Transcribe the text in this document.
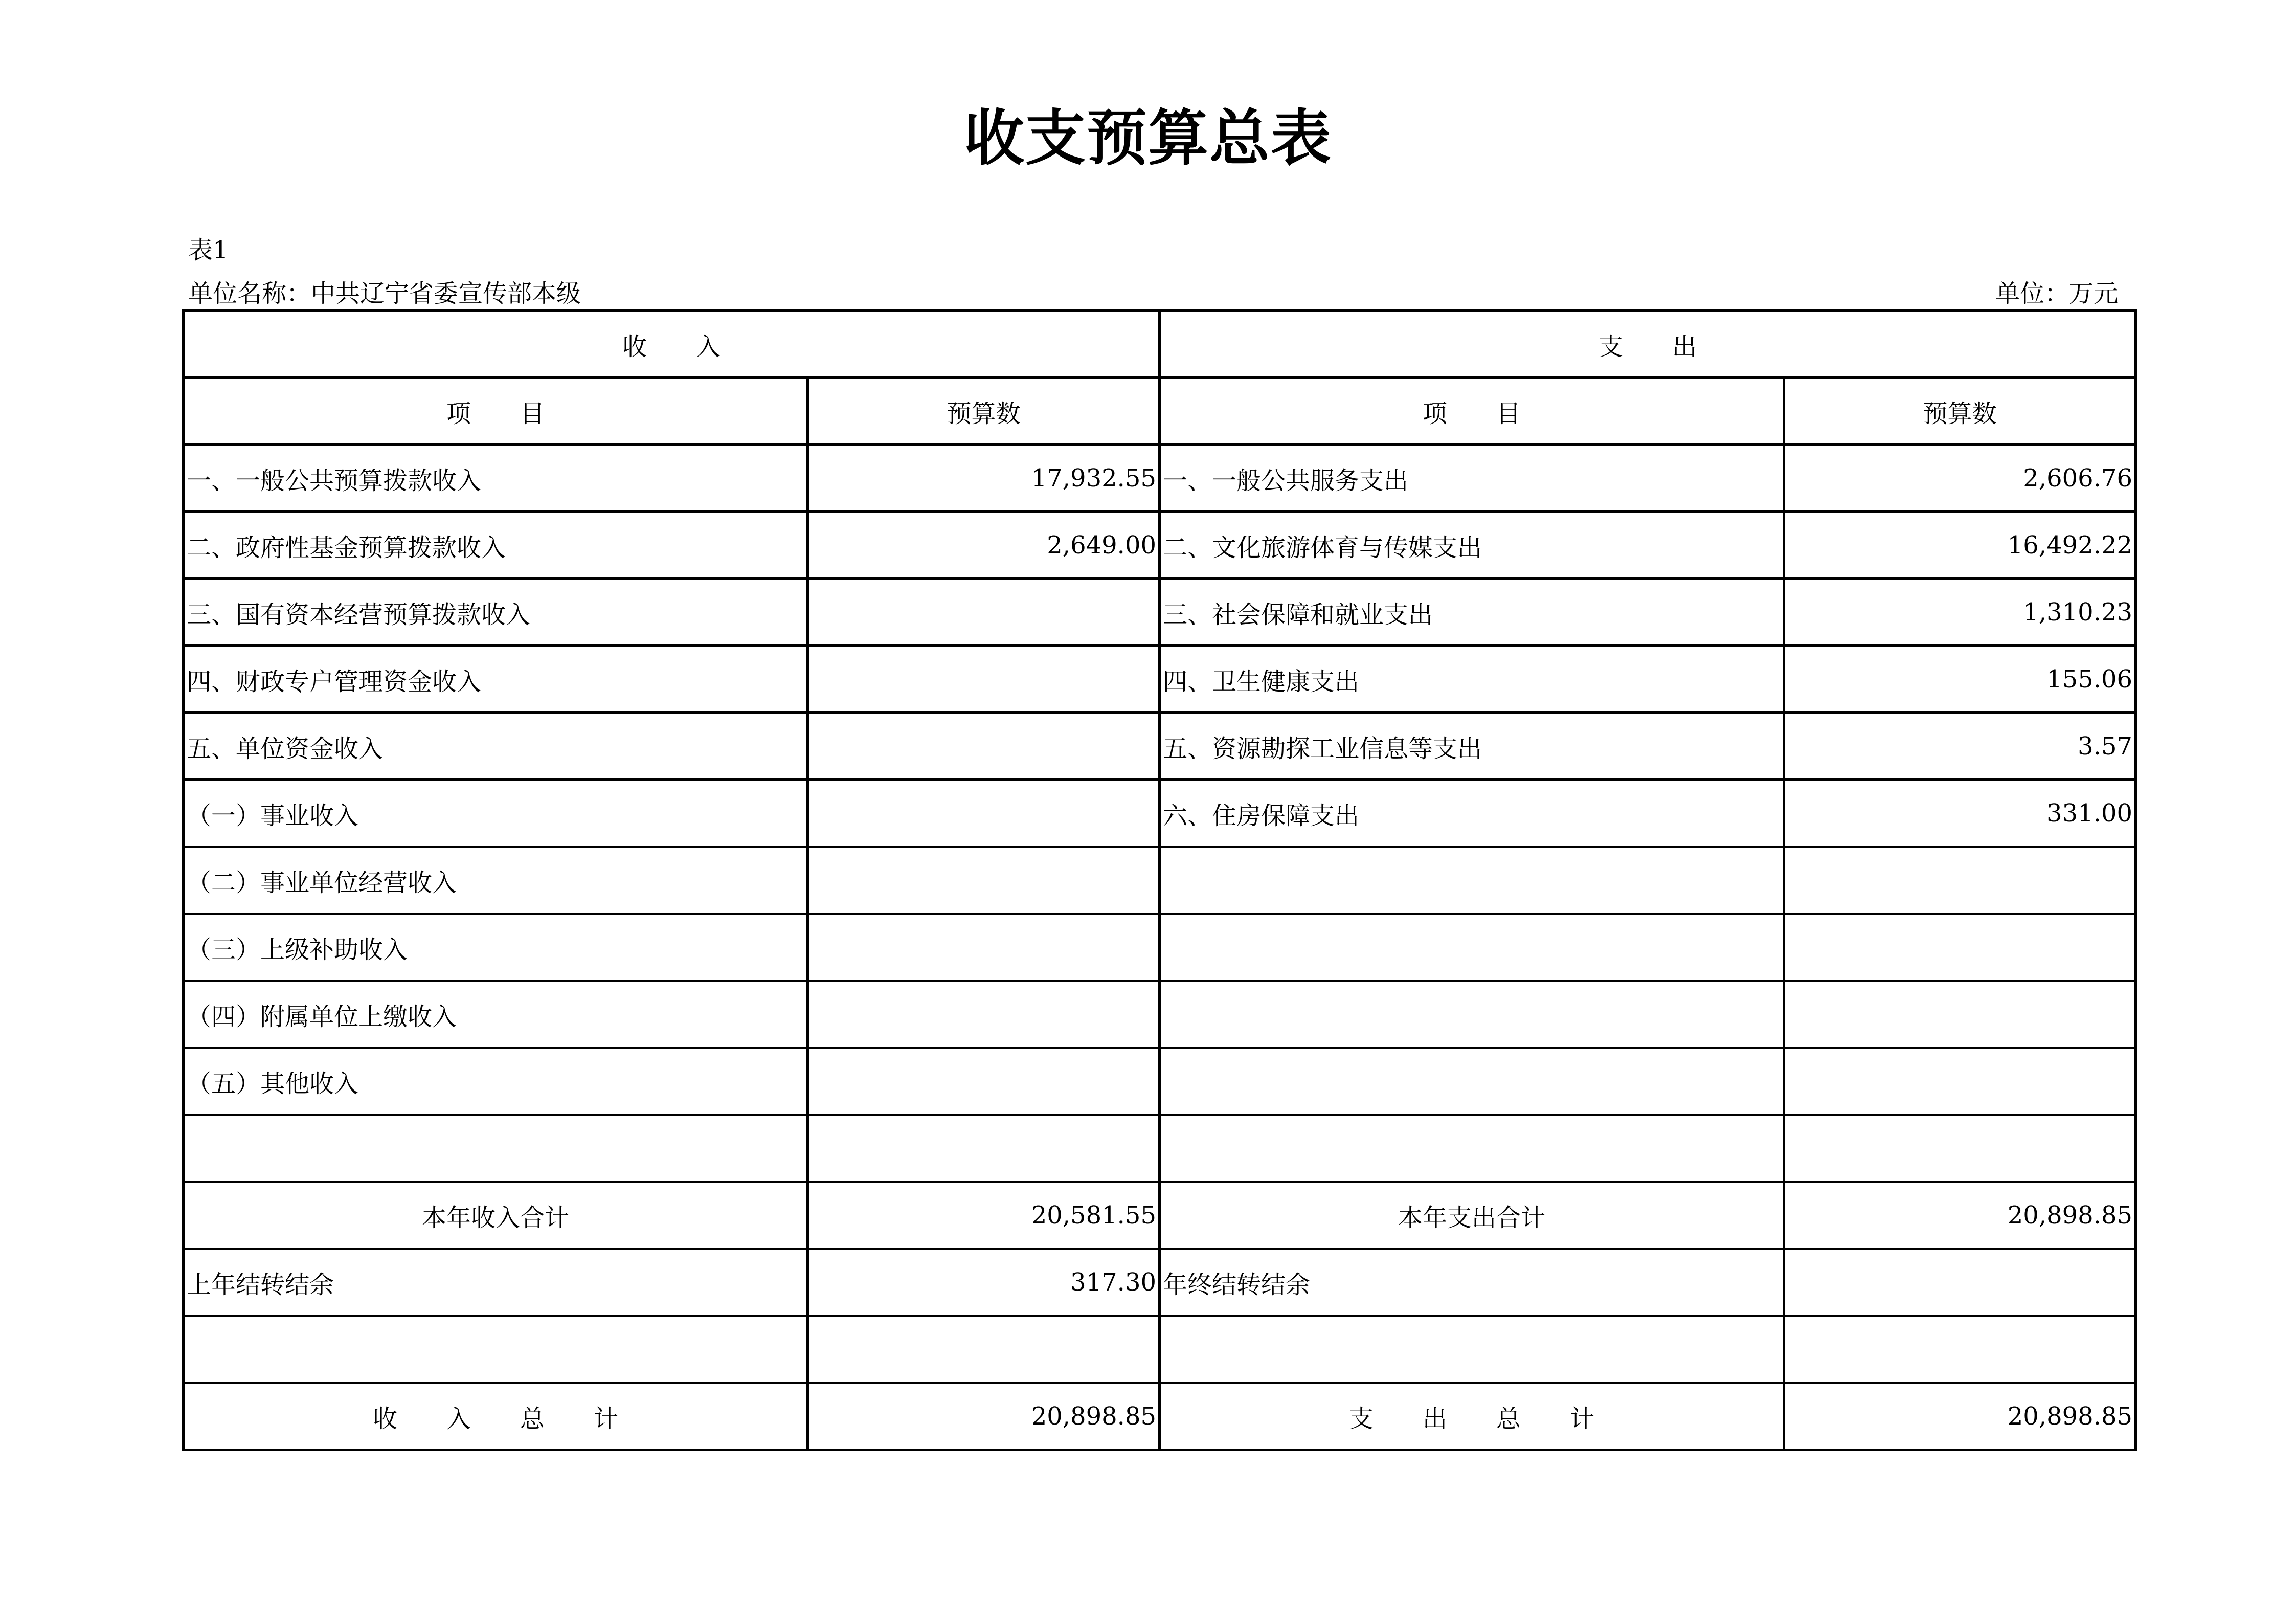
收支预算总表
表1
单位名称：中共辽宁省委宣传部本级	单位：万元
收　　入		支　　出	
项　　目	预算数	项　　目	预算数
一、一般公共预算拨款收入	17,932.55	一、一般公共服务支出	2,606.76
二、政府性基金预算拨款收入	2,649.00	二、文化旅游体育与传媒支出	16,492.22
三、国有资本经营预算拨款收入		三、社会保障和就业支出	1,310.23
四、财政专户管理资金收入		四、卫生健康支出	155.06
五、单位资金收入		五、资源勘探工业信息等支出	3.57
（一）事业收入		六、住房保障支出	331.00
（二）事业单位经营收入			
（三）上级补助收入			
（四）附属单位上缴收入			
（五）其他收入			

本年收入合计	20,581.55	本年支出合计	20,898.85
上年结转结余	317.30	年终结转结余	

收　　入　　总　　计	20,898.85	支　　出　　总　　计	20,898.85
